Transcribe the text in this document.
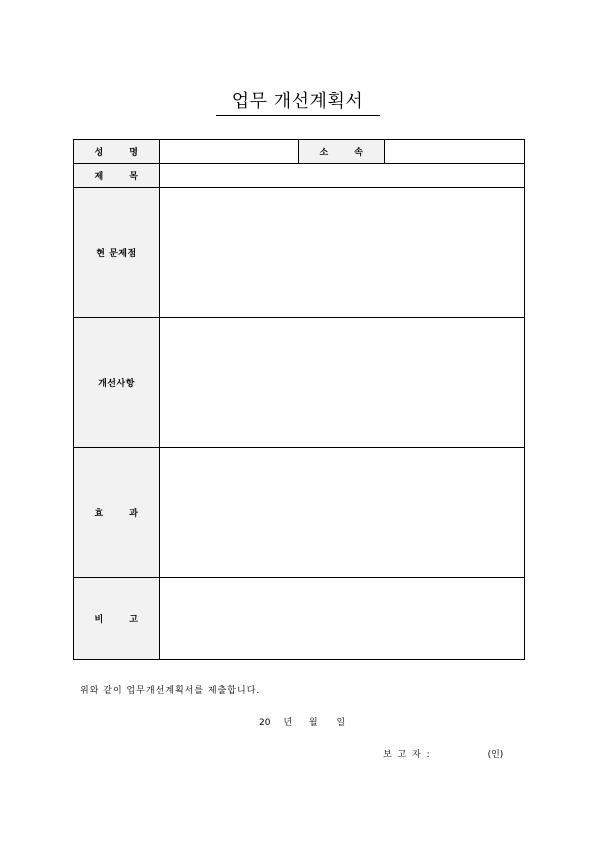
업무 개선계획서
성 명		소 속	
제 목			
현 문제점			
개선사항			
효 과			
비 고			
위와 같이 업무개선계획서를 제출합니다.
20 년 월 일
보 고 자 :	(인)
